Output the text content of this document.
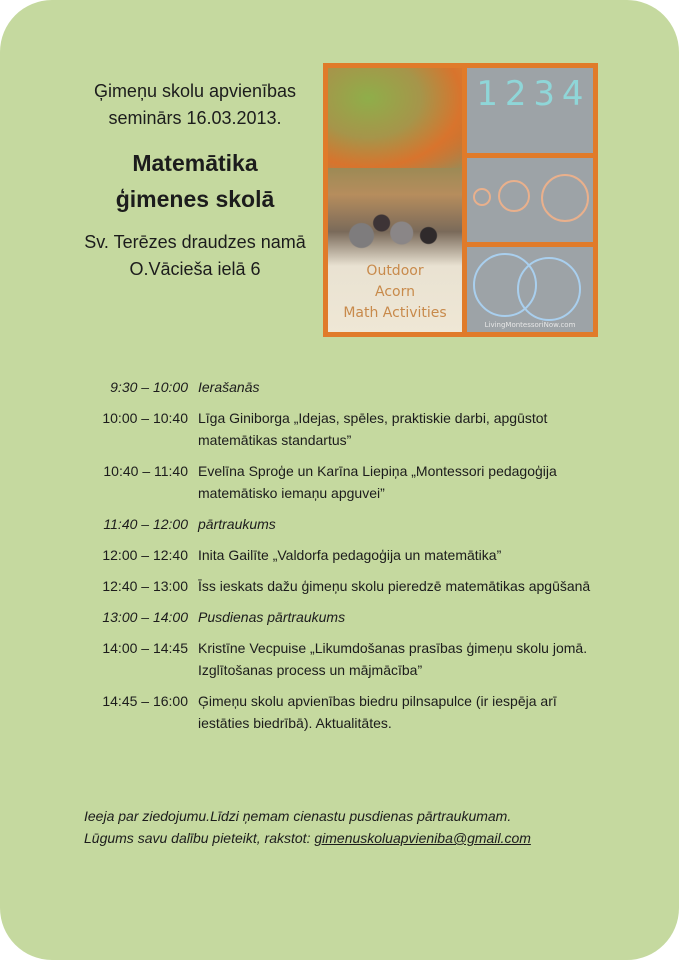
Ģimeņu skolu apvienības
seminārs 16.03.2013.
Matemātika
ģimenes skolā
Sv. Terēzes draudzes namā
O.Vācieša ielā 6	Outdoor
Acorn
Math Activities
1 2 3 4
LivingMontessoriNow.com
9:30 – 10:00 Ierašanās
10:00 – 10:40 Līga Giniborga „Idejas, spēles, praktiskie darbi, apgūstot matemātikas standartus”
10:40 – 11:40 Evelīna Sproģe un Karīna Liepiņa „Montessori pedagoģija matemātisko iemaņu apguvei”
11:40 – 12:00 pārtraukums
12:00 – 12:40 Inita Gailīte „Valdorfa pedagoģija un matemātika”
12:40 – 13:00 Īss ieskats dažu ģimeņu skolu pieredzē matemātikas apgūšanā
13:00 – 14:00 Pusdienas pārtraukums
14:00 – 14:45 Kristīne Vecpuise „Likumdošanas prasības ģimeņu skolu jomā. Izglītošanas process un mājmācība”
14:45 – 16:00 Ģimeņu skolu apvienības biedru pilnsapulce (ir iespēja arī iestāties biedrībā). Aktualitātes.
Ieeja par ziedojumu.Līdzi ņemam cienastu pusdienas pārtraukumam.
Lūgums savu dalību pieteikt, rakstot: gimenuskoluapvieniba@gmail.com
